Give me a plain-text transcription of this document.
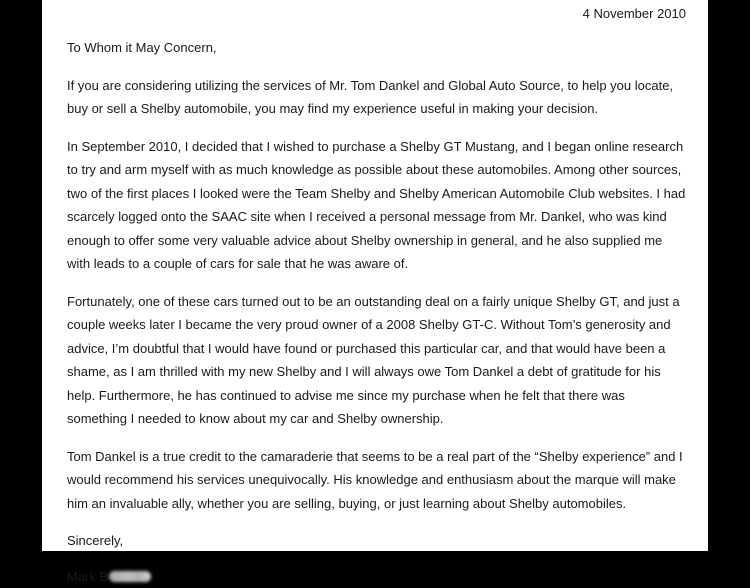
4 November 2010

To Whom it May Concern,

If you are considering utilizing the services of Mr. Tom Dankel and Global Auto Source, to help you locate, buy or sell a Shelby automobile, you may find my experience useful in making your decision.

In September 2010, I decided that I wished to purchase a Shelby GT Mustang, and I began online research to try and arm myself with as much knowledge as possible about these automobiles. Among other sources, two of the first places I looked were the Team Shelby and Shelby American Automobile Club websites. I had scarcely logged onto the SAAC site when I received a personal message from Mr. Dankel, who was kind enough to offer some very valuable advice about Shelby ownership in general, and he also supplied me with leads to a couple of cars for sale that he was aware of.

Fortunately, one of these cars turned out to be an outstanding deal on a fairly unique Shelby GT, and just a couple weeks later I became the very proud owner of a 2008 Shelby GT-C. Without Tom’s generosity and advice, I’m doubtful that I would have found or purchased this particular car, and that would have been a shame, as I am thrilled with my new Shelby and I will always owe Tom Dankel a debt of gratitude for his help. Furthermore, he has continued to advise me since my purchase when he felt that there was something I needed to know about my car and Shelby ownership.

Tom Dankel is a true credit to the camaraderie that seems to be a real part of the “Shelby experience” and I would recommend his services unequivocally. His knowledge and enthusiasm about the marque will make him an invaluable ally, whether you are selling, buying, or just learning about Shelby automobiles.

Sincerely,

Mark B
